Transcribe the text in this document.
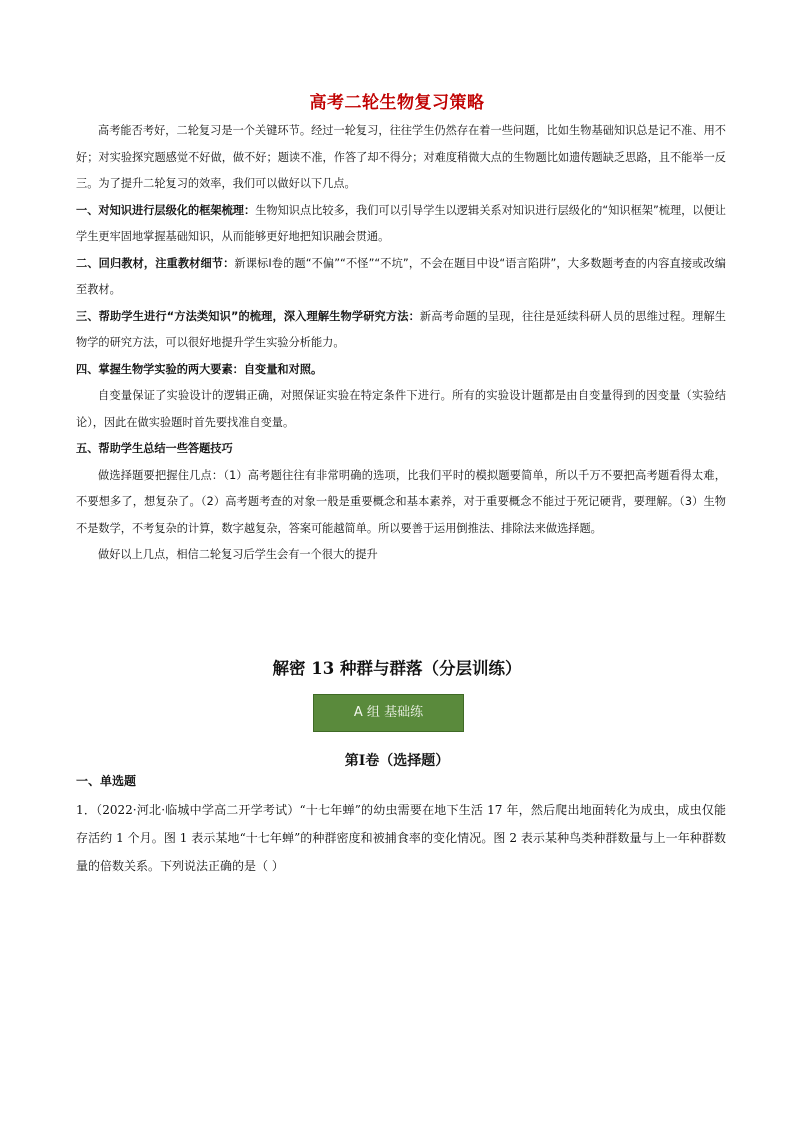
高考二轮生物复习策略

高考能否考好，二轮复习是一个关键环节。经过一轮复习，往往学生仍然存在着一些问题，比如生物基础知识总是记不准、用不好；对实验探究题感觉不好做，做不好；题读不准，作答了却不得分；对难度稍微大点的生物题比如遗传题缺乏思路，且不能举一反三。为了提升二轮复习的效率，我们可以做好以下几点。

一、对知识进行层级化的框架梳理：生物知识点比较多，我们可以引导学生以逻辑关系对知识进行层级化的“知识框架”梳理，以便让学生更牢固地掌握基础知识，从而能够更好地把知识融会贯通。

二、回归教材，注重教材细节：新课标Ⅰ卷的题“不偏”“不怪”“不坑”，不会在题目中设“语言陷阱”，大多数题考查的内容直接或改编至教材。

三、帮助学生进行“方法类知识”的梳理，深入理解生物学研究方法：新高考命题的呈现，往往是延续科研人员的思维过程。理解生物学的研究方法，可以很好地提升学生实验分析能力。

四、掌握生物学实验的两大要素：自变量和对照。

自变量保证了实验设计的逻辑正确，对照保证实验在特定条件下进行。所有的实验设计题都是由自变量得到的因变量（实验结论），因此在做实验题时首先要找准自变量。

五、帮助学生总结一些答题技巧

做选择题要把握住几点：（1）高考题往往有非常明确的选项，比我们平时的模拟题要简单，所以千万不要把高考题看得太难，不要想多了，想复杂了。（2）高考题考查的对象一般是重要概念和基本素养，对于重要概念不能过于死记硬背，要理解。（3）生物不是数学，不考复杂的计算，数字越复杂，答案可能越简单。所以要善于运用倒推法、排除法来做选择题。

做好以上几点，相信二轮复习后学生会有一个很大的提升

解密 13 种群与群落（分层训练）
A 组 基础练
第Ⅰ卷（选择题）
一、单选题

1．（2022·河北·临城中学高二开学考试）“十七年蝉”的幼虫需要在地下生活 17 年，然后爬出地面转化为成虫，成虫仅能存活约 1 个月。图 1 表示某地“十七年蝉”的种群密度和被捕食率的变化情况。图 2 表示某种鸟类种群数量与上一年种群数量的倍数关系。下列说法正确的是（ ）
